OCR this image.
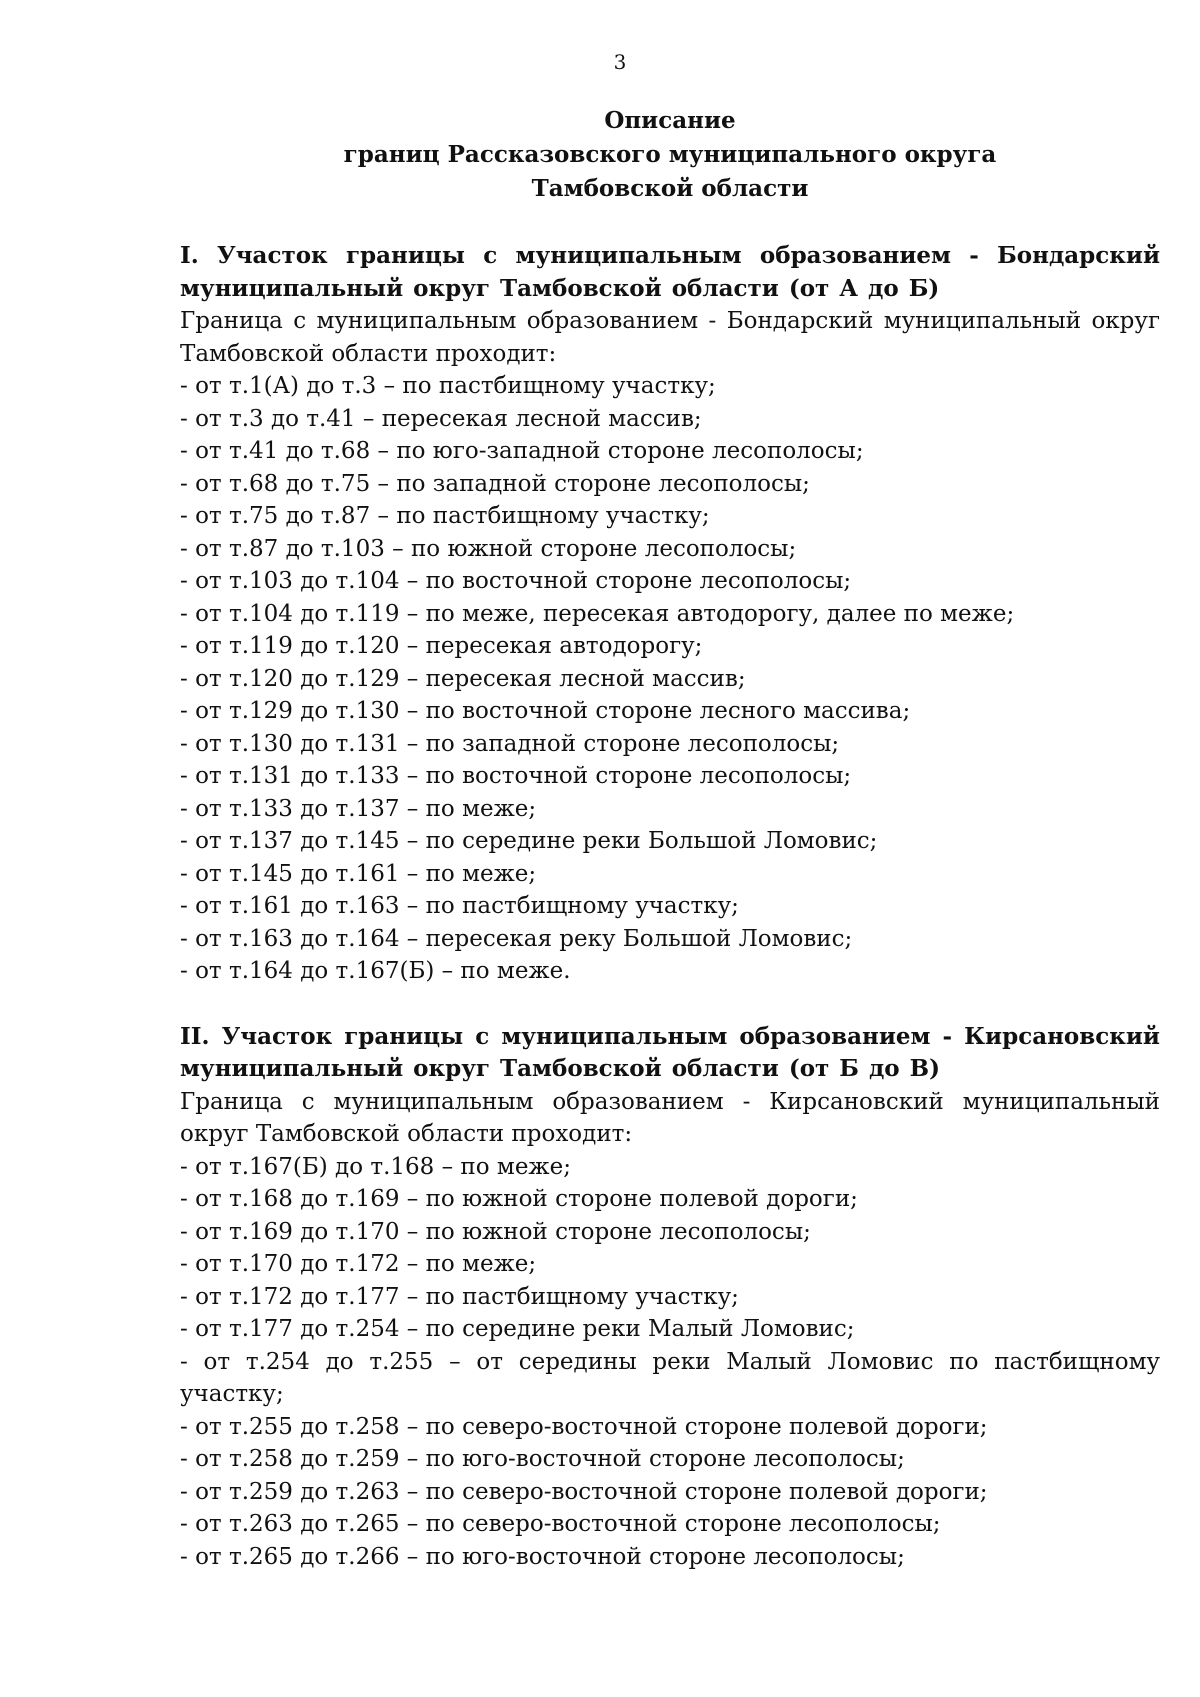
3
Описание
границ Рассказовского муниципального округа
Тамбовской области
I. Участок границы с муниципальным образованием - Бондарский муниципальный округ Тамбовской области (от А до Б)
Граница с муниципальным образованием - Бондарский муниципальный округ Тамбовской области проходит:
- от т.1(А) до т.3 – по пастбищному участку;
- от т.3 до т.41 – пересекая лесной массив;
- от т.41 до т.68 – по юго-западной стороне лесополосы;
- от т.68 до т.75 – по западной стороне лесополосы;
- от т.75 до т.87 – по пастбищному участку;
- от т.87 до т.103 – по южной стороне лесополосы;
- от т.103 до т.104 – по восточной стороне лесополосы;
- от т.104 до т.119 – по меже, пересекая автодорогу, далее по меже;
- от т.119 до т.120 – пересекая автодорогу;
- от т.120 до т.129 – пересекая лесной массив;
- от т.129 до т.130 – по восточной стороне лесного массива;
- от т.130 до т.131 – по западной стороне лесополосы;
- от т.131 до т.133 – по восточной стороне лесополосы;
- от т.133 до т.137 – по меже;
- от т.137 до т.145 – по середине реки Большой Ломовис;
- от т.145 до т.161 – по меже;
- от т.161 до т.163 – по пастбищному участку;
- от т.163 до т.164 – пересекая реку Большой Ломовис;
- от т.164 до т.167(Б) – по меже.
II. Участок границы с муниципальным образованием - Кирсановский муниципальный округ Тамбовской области (от Б до В)
Граница с муниципальным образованием - Кирсановский муниципальный округ Тамбовской области проходит:
- от т.167(Б) до т.168 – по меже;
- от т.168 до т.169 – по южной стороне полевой дороги;
- от т.169 до т.170 – по южной стороне лесополосы;
- от т.170 до т.172 – по меже;
- от т.172 до т.177 – по пастбищному участку;
- от т.177 до т.254 – по середине реки Малый Ломовис;
- от т.254 до т.255 – от середины реки Малый Ломовис по пастбищному участку;
- от т.255 до т.258 – по северо-восточной стороне полевой дороги;
- от т.258 до т.259 – по юго-восточной стороне лесополосы;
- от т.259 до т.263 – по северо-восточной стороне полевой дороги;
- от т.263 до т.265 – по северо-восточной стороне лесополосы;
- от т.265 до т.266 – по юго-восточной стороне лесополосы;
